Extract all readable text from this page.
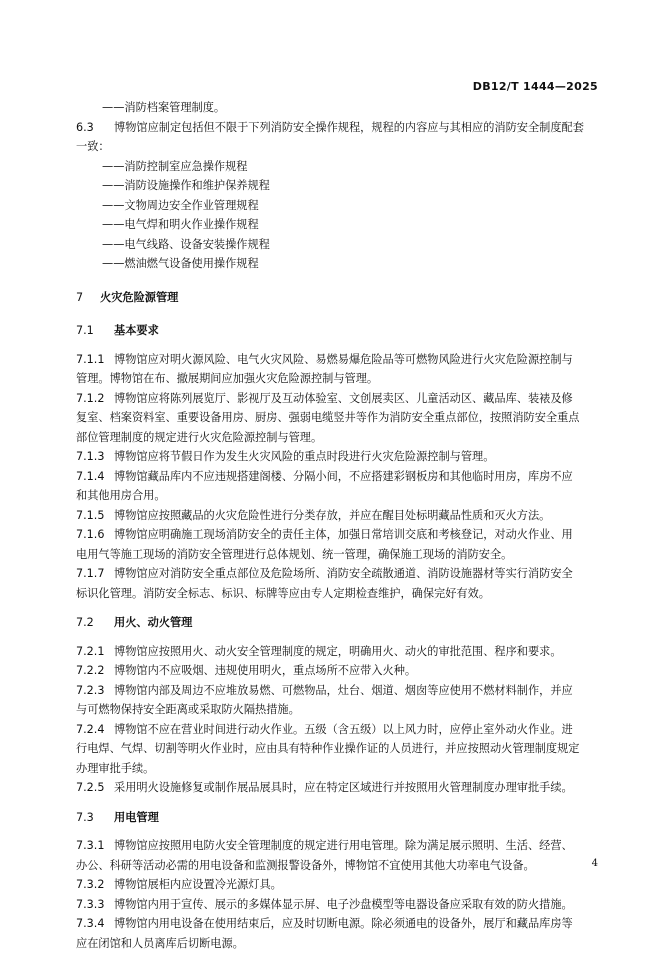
DB12/T 1444—2025
——消防档案管理制度。
6.3 博物馆应制定包括但不限于下列消防安全操作规程，规程的内容应与其相应的消防安全制度配套
一致：
——消防控制室应急操作规程
——消防设施操作和维护保养规程
——文物周边安全作业管理规程
——电气焊和明火作业操作规程
——电气线路、设备安装操作规程
——燃油燃气设备使用操作规程
7 火灾危险源管理
7.1 基本要求
7.1.1 博物馆应对明火源风险、电气火灾风险、易燃易爆危险品等可燃物风险进行火灾危险源控制与
管理。博物馆在布、撤展期间应加强火灾危险源控制与管理。
7.1.2 博物馆应将陈列展览厅、影视厅及互动体验室、文创展卖区、儿童活动区、藏品库、装裱及修
复室、档案资料室、重要设备用房、厨房、强弱电缆竖井等作为消防安全重点部位，按照消防安全重点
部位管理制度的规定进行火灾危险源控制与管理。
7.1.3 博物馆应将节假日作为发生火灾风险的重点时段进行火灾危险源控制与管理。
7.1.4 博物馆藏品库内不应违规搭建阁楼、分隔小间，不应搭建彩钢板房和其他临时用房，库房不应
和其他用房合用。
7.1.5 博物馆应按照藏品的火灾危险性进行分类存放，并应在醒目处标明藏品性质和灭火方法。
7.1.6 博物馆应明确施工现场消防安全的责任主体，加强日常培训交底和考核登记，对动火作业、用
电用气等施工现场的消防安全管理进行总体规划、统一管理，确保施工现场的消防安全。
7.1.7 博物馆应对消防安全重点部位及危险场所、消防安全疏散通道、消防设施器材等实行消防安全
标识化管理。消防安全标志、标识、标牌等应由专人定期检查维护，确保完好有效。
7.2 用火、动火管理
7.2.1 博物馆应按照用火、动火安全管理制度的规定，明确用火、动火的审批范围、程序和要求。
7.2.2 博物馆内不应吸烟、违规使用明火，重点场所不应带入火种。
7.2.3 博物馆内部及周边不应堆放易燃、可燃物品，灶台、烟道、烟囱等应使用不燃材料制作，并应
与可燃物保持安全距离或采取防火隔热措施。
7.2.4 博物馆不应在营业时间进行动火作业。五级（含五级）以上风力时，应停止室外动火作业。进
行电焊、气焊、切割等明火作业时，应由具有特种作业操作证的人员进行，并应按照动火管理制度规定
办理审批手续。
7.2.5 采用明火设施修复或制作展品展具时，应在特定区域进行并按照用火管理制度办理审批手续。
7.3 用电管理
7.3.1 博物馆应按照用电防火安全管理制度的规定进行用电管理。除为满足展示照明、生活、经营、
办公、科研等活动必需的用电设备和监测报警设备外，博物馆不宜使用其他大功率电气设备。
7.3.2 博物馆展柜内应设置冷光源灯具。
7.3.3 博物馆内用于宣传、展示的多媒体显示屏、电子沙盘模型等电器设备应采取有效的防火措施。
7.3.4 博物馆内用电设备在使用结束后，应及时切断电源。除必须通电的设备外，展厅和藏品库房等
应在闭馆和人员离库后切断电源。
4
